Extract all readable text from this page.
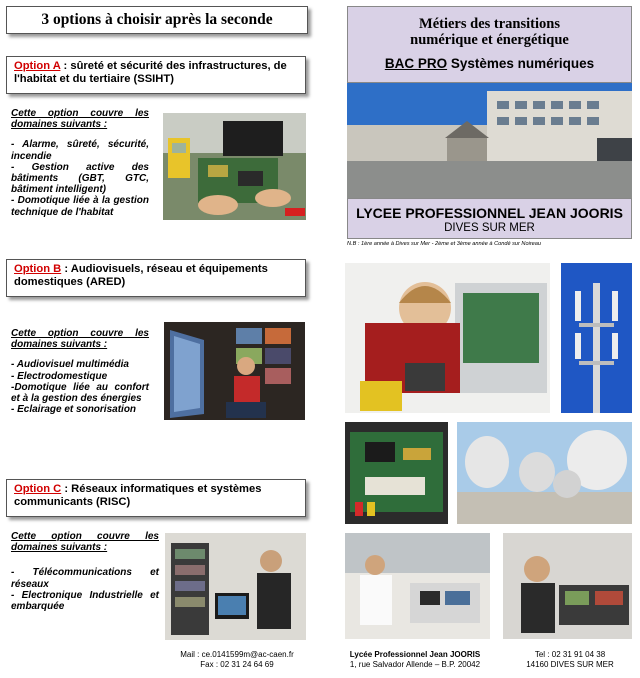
3 options à choisir après la seconde
Option A : sûreté et sécurité des infrastructures, de l'habitat et du tertiaire (SSIHT)
Cette option couvre les domaines suivants :
- Alarme, sûreté, sécurité, incendie
- Gestion active des bâtiments (GBT, GTC, bâtiment intelligent)
- Domotique liée à la gestion technique de l'habitat
Option B : Audiovisuels, réseau et équipements domestiques (ARED)
Cette option couvre les domaines suivants :
- Audiovisuel multimédia
- Electrodomestique
-Domotique liée au confort et à la gestion des énergies
- Eclairage et sonorisation
Option C : Réseaux informatiques et systèmes communicants (RISC)
Cette option couvre les domaines suivants :
- Télécommunications et réseaux
- Electronique Industrielle et embarquée
Mail : ce.0141599m@ac-caen.fr
Fax : 02 31 24 64 69
Métiers des transitions
numérique et énergétique
BAC PRO Systèmes numériques
LYCEE PROFESSIONNEL JEAN JOORIS
DIVES SUR MER
N.B : 1ère année à Dives sur Mer - 2ème et 3ème année à Condé sur Noireau
Lycée Professionnel Jean JOORIS
1, rue Salvador Allende – B.P. 20042
Tel : 02 31 91 04 38
14160 DIVES SUR MER
